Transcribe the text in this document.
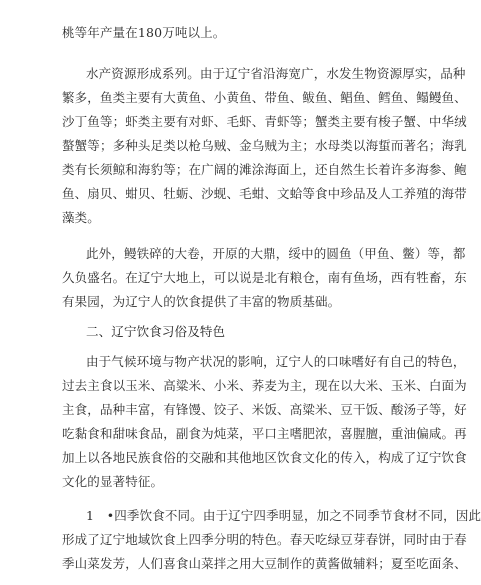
桃等年产量在180万吨以上。
水产资源形成系列。由于辽宁省沿海宽广，水发生物资源厚实，品种
繁多，鱼类主要有大黄鱼、小黄鱼、带鱼、鲅鱼、鲳鱼、鳕鱼、鳎鳗鱼、
沙丁鱼等；虾类主要有对虾、毛虾、青虾等；蟹类主要有梭子蟹、中华绒
螯蟹等；多种头足类以枪乌贼、金乌贼为主；水母类以海蜇而著名；海乳
类有长须鲸和海豹等；在广阔的滩涂海面上，还自然生长着许多海参、鲍
鱼、扇贝、蚶贝、牡蛎、沙蚬、毛蚶、文蛤等食中珍品及人工养殖的海带
藻类。
此外，鳗铁碎的大卷，开原的大鼎，绥中的圆鱼（甲鱼、鳖）等，都
久负盛名。在辽宁大地上，可以说是北有粮仓，南有鱼场，西有牲畜，东
有果园，为辽宁人的饮食提供了丰富的物质基础。
二、辽宁饮食习俗及特色
由于气候环境与物产状况的影响，辽宁人的口味嗜好有自己的特色，
过去主食以玉米、高粱米、小米、荞麦为主，现在以大米、玉米、白面为
主食，品种丰富，有锋馒、饺子、米饭、高粱米、豆干饭、酸汤子等，好
吃黏食和甜味食品，副食为炖菜，平口主嗜肥浓，喜腥膻，重油偏咸。再
加上以各地民族食俗的交融和其他地区饮食文化的传入，构成了辽宁饮食
文化的显著特征。
1　•四季饮食不同。由于辽宁四季明显，加之不同季节食材不同，因此
形成了辽宁地域饮食上四季分明的特色。春天吃绿豆芽春饼，同时由于春
季山菜发芳，人们喜食山菜拌之用大豆制作的黄酱做辅料；夏至吃面条、
